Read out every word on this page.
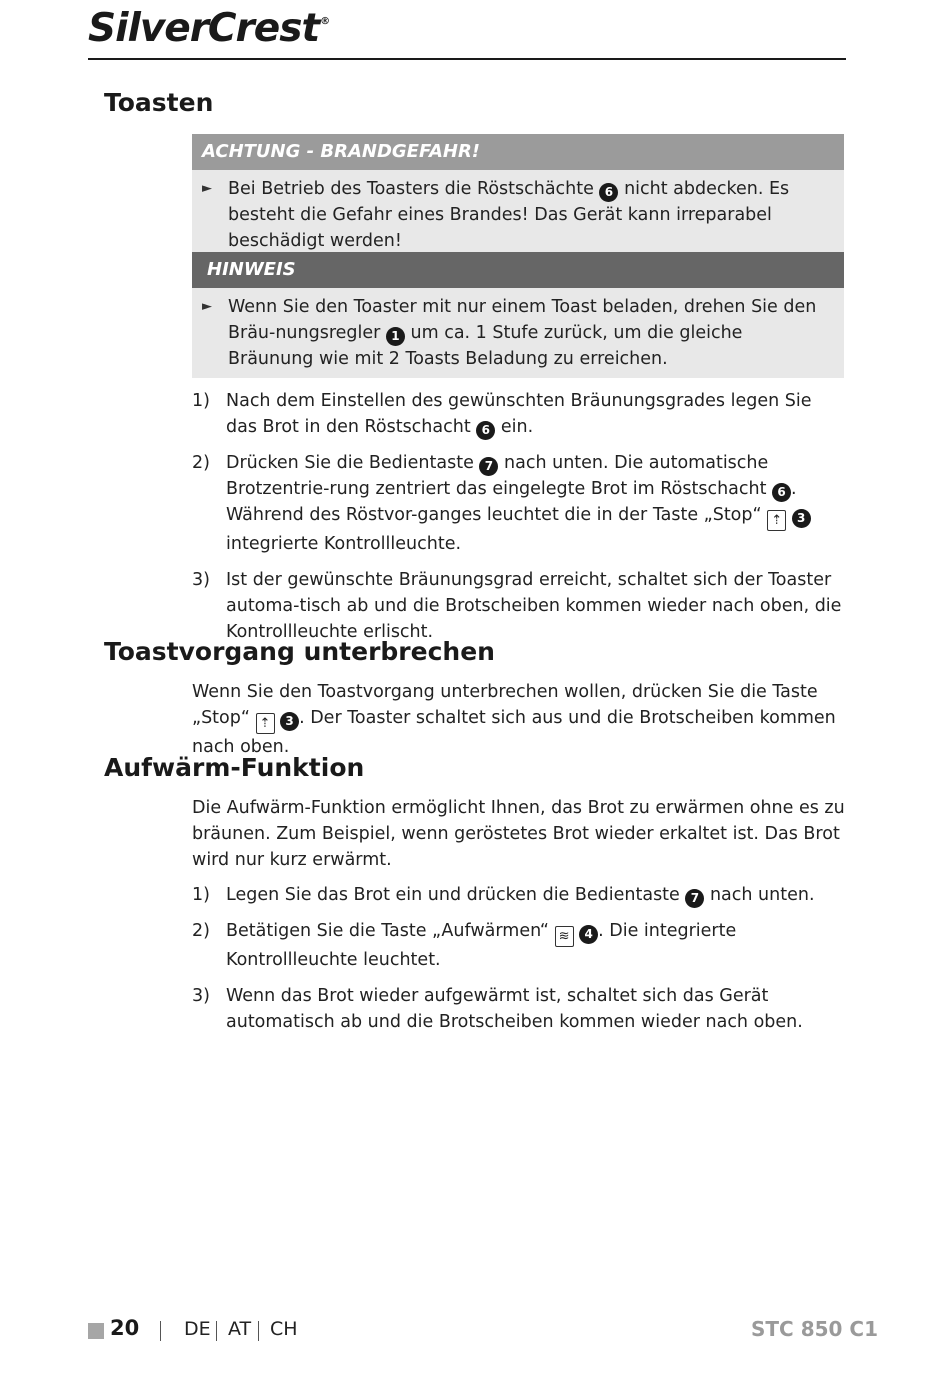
SilverCrest ®
Toasten
ACHTUNG - BRANDGEFAHR!
► Bei Betrieb des Toasters die Röstschächte 6 nicht abdecken. Es besteht die Gefahr eines Brandes! Das Gerät kann irreparabel beschädigt werden!
HINWEIS
► Wenn Sie den Toaster mit nur einem Toast beladen, drehen Sie den Bräu-nungsregler 1 um ca. 1 Stufe zurück, um die gleiche Bräunung wie mit 2 Toasts Beladung zu erreichen.
1) Nach dem Einstellen des gewünschten Bräunungsgrades legen Sie das Brot in den Röstschacht 6 ein.
2) Drücken Sie die Bedientaste 7 nach unten. Die automatische Brotzentrie-rung zentriert das eingelegte Brot im Röstschacht 6 . Während des Röstvor-ganges leuchtet die in der Taste „Stop“ ⇡ 3 integrierte Kontrollleuchte.
3) Ist der gewünschte Bräunungsgrad erreicht, schaltet sich der Toaster automa-tisch ab und die Brotscheiben kommen wieder nach oben, die Kontrollleuchte erlischt.
Toastvorgang unterbrechen

Wenn Sie den Toastvorgang unterbrechen wollen, drücken Sie die Taste „Stop“ ⇡ 3 . Der Toaster schaltet sich aus und die Brotscheiben kommen nach oben.

Aufwärm-Funktion

Die Aufwärm-Funktion ermöglicht Ihnen, das Brot zu erwärmen ohne es zu bräunen. Zum Beispiel, wenn geröstetes Brot wieder erkaltet ist. Das Brot wird nur kurz erwärmt.

1) Legen Sie das Brot ein und drücken die Bedientaste 7 nach unten.
2) Betätigen Sie die Taste „Aufwärmen“ ≋ 4 . Die integrierte Kontrollleuchte leuchtet.
3) Wenn das Brot wieder aufgewärmt ist, schaltet sich das Gerät automatisch ab und die Brotscheiben kommen wieder nach oben.
20 DE AT CH	STC 850 C1
